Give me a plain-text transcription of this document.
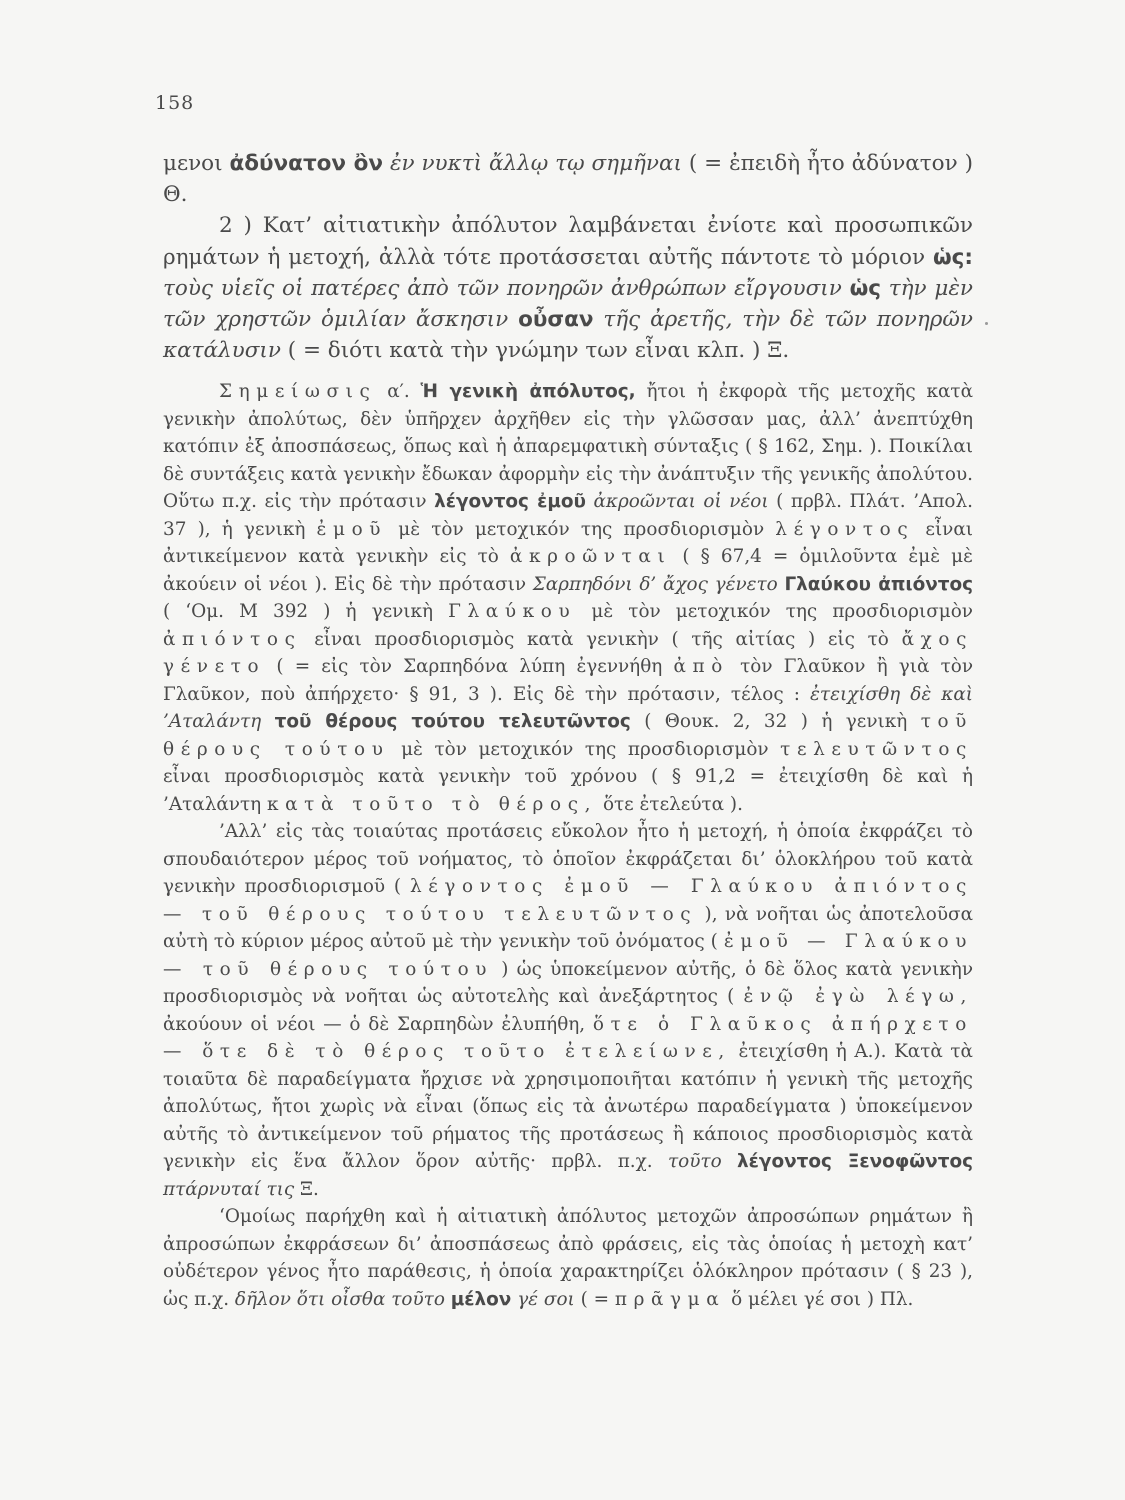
158

μενοι ἀδύνατον ὂν ἐν νυκτὶ ἄλλῳ τῳ σημῆναι ( = ἐπειδὴ ἦτο ἀδύνατον ) Θ.

2 ) Κατ’ αἰτιατικὴν ἀπόλυτον λαμβάνεται ἐνίοτε καὶ προσωπικῶν ρημάτων ἡ μετοχή, ἀλλὰ τότε προτάσσεται αὐτῆς πάντοτε τὸ μόριον ὡς: τοὺς υἱεῖς οἱ πατέρες ἀπὸ τῶν πονηρῶν ἀνθρώπων εἴργουσιν ὡς τὴν μὲν τῶν χρηστῶν ὁμιλίαν ἄσκησιν οὖσαν τῆς ἀρετῆς, τὴν δὲ τῶν πονηρῶν κατάλυσιν ( = διότι κατὰ τὴν γνώμην των εἶναι κλπ. ) Ξ.

Σημείωσις α′. Ἡ γενικὴ ἀπόλυτος, ἤτοι ἡ ἐκφορὰ τῆς μετοχῆς κατὰ γενικὴν ἀπολύτως, δὲν ὑπῆρχεν ἀρχῆθεν εἰς τὴν γλῶσσαν μας, ἀλλ’ ἀνεπτύχθη κατόπιν ἐξ ἀποσπάσεως, ὅπως καὶ ἡ ἀπαρεμφατικὴ σύνταξις ( § 162, Σημ. ). Ποικίλαι δὲ συντάξεις κατὰ γενικὴν ἔδωκαν ἀφορμὴν εἰς τὴν ἀνάπτυξιν τῆς γενικῆς ἀπολύτου. Οὕτω π.χ. εἰς τὴν πρότασιν λέγοντος ἐμοῦ ἀκροῶνται οἱ νέοι ( πρβλ. Πλάτ. ’Απολ. 37 ), ἡ γενικὴ ἐμοῦ μὲ τὸν μετοχικόν της προσδιορισμὸν λέγοντος εἶναι ἀντικείμενον κατὰ γενικὴν εἰς τὸ ἀκροῶνται ( § 67,4 = ὁμιλοῦντα ἐμὲ μὲ ἀκούειν οἱ νέοι ). Εἰς δὲ τὴν πρότασιν Σαρπηδόνι δ’ ἄχος γένετο Γλαύκου ἀπιόντος ( ‘Ομ. Μ 392 ) ἡ γενικὴ Γλαύκου μὲ τὸν μετοχικόν της προσδιορισμὸν ἀπιόντος εἶναι προσδιορισμὸς κατὰ γενικὴν ( τῆς αἰτίας ) εἰς τὸ ἄχος γένετο ( = εἰς τὸν Σαρπηδόνα λύπη ἐγεννήθη ἀπὸ τὸν Γλαῦκον ἢ γιὰ τὸν Γλαῦκον, ποὺ ἀπήρχετο· § 91, 3 ). Εἰς δὲ τὴν πρότασιν, τέλος : ἐτειχίσθη δὲ καὶ ’Αταλάντη τοῦ θέρους τούτου τελευτῶντος ( Θουκ. 2, 32 ) ἡ γενικὴ τοῦ θέρους τούτου μὲ τὸν μετοχικόν της προσδιορισμὸν τελευτῶντος εἶναι προσδιορισμὸς κατὰ γενικὴν τοῦ χρόνου ( § 91,2 = ἐτειχίσθη δὲ καὶ ἡ ’Αταλάντη κατὰ τοῦτο τὸ θέρος, ὅτε ἐτελεύτα ).

’Αλλ’ εἰς τὰς τοιαύτας προτάσεις εὔκολον ἦτο ἡ μετοχή, ἡ ὁποία ἐκφράζει τὸ σπουδαιότερον μέρος τοῦ νοήματος, τὸ ὁποῖον ἐκφράζεται δι’ ὁλοκλήρου τοῦ κατὰ γενικὴν προσδιορισμοῦ ( λέγοντος ἐμοῦ — Γλαύκου ἀπιόντος — τοῦ θέρους τούτου τελευτῶντος ), νὰ νοῆται ὡς ἀποτελοῦσα αὐτὴ τὸ κύριον μέρος αὐτοῦ μὲ τὴν γενικὴν τοῦ ὀνόματος ( ἐμοῦ — Γλαύκου — τοῦ θέρους τούτου ) ὡς ὑποκείμενον αὐτῆς, ὁ δὲ ὅλος κατὰ γενικὴν προσδιορισμὸς νὰ νοῆται ὡς αὐτοτελὴς καὶ ἀνεξάρτητος ( ἐνῷ ἐγὼ λέγω, ἀκούουν οἱ νέοι — ὁ δὲ Σαρπηδὼν ἐλυπήθη, ὅτε ὁ Γλαῦκος ἀπήρχετο — ὅτε δὲ τὸ θέρος τοῦτο ἐτελείωνε, ἐτειχίσθη ἡ Α.). Κατὰ τὰ τοιαῦτα δὲ παραδείγματα ἤρχισε νὰ χρησιμοποιῆται κατόπιν ἡ γενικὴ τῆς μετοχῆς ἀπολύτως, ἤτοι χωρὶς νὰ εἶναι (ὅπως εἰς τὰ ἀνωτέρω παραδείγματα ) ὑποκείμενον αὐτῆς τὸ ἀντικείμενον τοῦ ρήματος τῆς προτάσεως ἢ κάποιος προσδιορισμὸς κατὰ γενικὴν εἰς ἕνα ἄλλον ὅρον αὐτῆς· πρβλ. π.χ. τοῦτο λέγοντος Ξενοφῶντος πτάρνυταί τις Ξ.

‘Ομοίως παρήχθη καὶ ἡ αἰτιατικὴ ἀπόλυτος μετοχῶν ἀπροσώπων ρημάτων ἢ ἀπροσώπων ἐκφράσεων δι’ ἀποσπάσεως ἀπὸ φράσεις, εἰς τὰς ὁποίας ἡ μετοχὴ κατ’ οὐδέτερον γένος ἦτο παράθεσις, ἡ ὁποία χαρακτηρίζει ὁλόκληρον πρότασιν ( § 23 ), ὡς π.χ. δῆλον ὅτι οἶσθα τοῦτο μέλον γέ σοι ( = πρᾶγμα ὅ μέλει γέ σοι ) Πλ.
